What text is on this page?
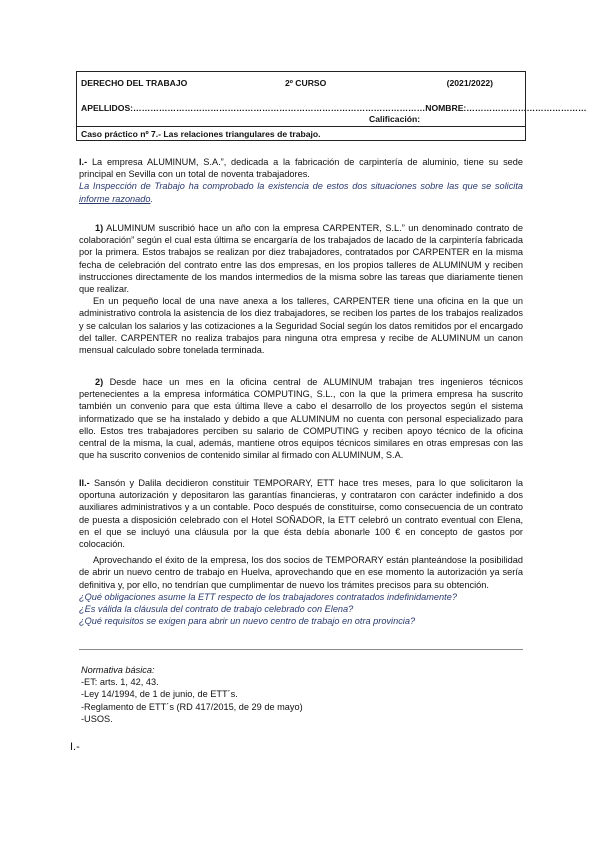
DERECHO DEL TRABAJO	2º CURSO	(2021/2022)
APELLIDOS:…………………………………………………………………………………………NOMBRE:……………………………………
Calificación:
Caso práctico nº 7.- Las relaciones triangulares de trabajo.

I.- La empresa ALUMINUM, S.A.”, dedicada a la fabricación de carpintería de aluminio, tiene su sede principal en Sevilla con un total de noventa trabajadores.

La Inspección de Trabajo ha comprobado la existencia de estos dos situaciones sobre las que se solicita informe razonado.

1) ALUMINUM suscribió hace un año con la empresa CARPENTER, S.L.” un denominado contrato de colaboración” según el cual esta última se encargaría de los trabajados de lacado de la carpintería fabricada por la primera. Estos trabajos se realizan por diez trabajadores, contratados por CARPENTER en la misma fecha de celebración del contrato entre las dos empresas, en los propios talleres de ALUMINUM y reciben instrucciones directamente de los mandos intermedios de la misma sobre las tareas que diariamente tienen que realizar.

En un pequeño local de una nave anexa a los talleres, CARPENTER tiene una oficina en la que un administrativo controla la asistencia de los diez trabajadores, se reciben los partes de los trabajos realizados y se calculan los salarios y las cotizaciones a la Seguridad Social según los datos remitidos por el encargado del taller. CARPENTER no realiza trabajos para ninguna otra empresa y recibe de ALUMINUM un canon mensual calculado sobre tonelada terminada.

2) Desde hace un mes en la oficina central de ALUMINUM trabajan tres ingenieros técnicos pertenecientes a la empresa informática COMPUTING, S.L., con la que la primera empresa ha suscrito también un convenio para que esta última lleve a cabo el desarrollo de los proyectos según el sistema informatizado que se ha instalado y debido a que ALUMINUM no cuenta con personal especializado para ello. Estos tres trabajadores perciben su salario de COMPUTING y reciben apoyo técnico de la oficina central de la misma, la cual, además, mantiene otros equipos técnicos similares en otras empresas con las que ha suscrito convenios de contenido similar al firmado con ALUMINUM, S.A.

II.- Sansón y Dalila decidieron constituir TEMPORARY, ETT hace tres meses, para lo que solicitaron la oportuna autorización y depositaron las garantías financieras, y contrataron con carácter indefinido a dos auxiliares administrativos y a un contable. Poco después de constituirse, como consecuencia de un contrato de puesta a disposición celebrado con el Hotel SOÑADOR, la ETT celebró un contrato eventual con Elena, en el que se incluyó una cláusula por la que ésta debía abonarle 100 € en concepto de gastos por colocación.

Aprovechando el éxito de la empresa, los dos socios de TEMPORARY están planteándose la posibilidad de abrir un nuevo centro de trabajo en Huelva, aprovechando que en ese momento la autorización ya sería definitiva y, por ello, no tendrían que cumplimentar de nuevo los trámites precisos para su obtención.

¿Qué obligaciones asume la ETT respecto de los trabajadores contratados indefinidamente?

¿Es válida la cláusula del contrato de trabajo celebrado con Elena?

¿Qué requisitos se exigen para abrir un nuevo centro de trabajo en otra provincia?

Normativa básica:

-ET: arts. 1, 42, 43.

-Ley 14/1994, de 1 de junio, de ETT´s.

-Reglamento de ETT´s (RD 417/2015, de 29 de mayo)

-USOS.

I.-
